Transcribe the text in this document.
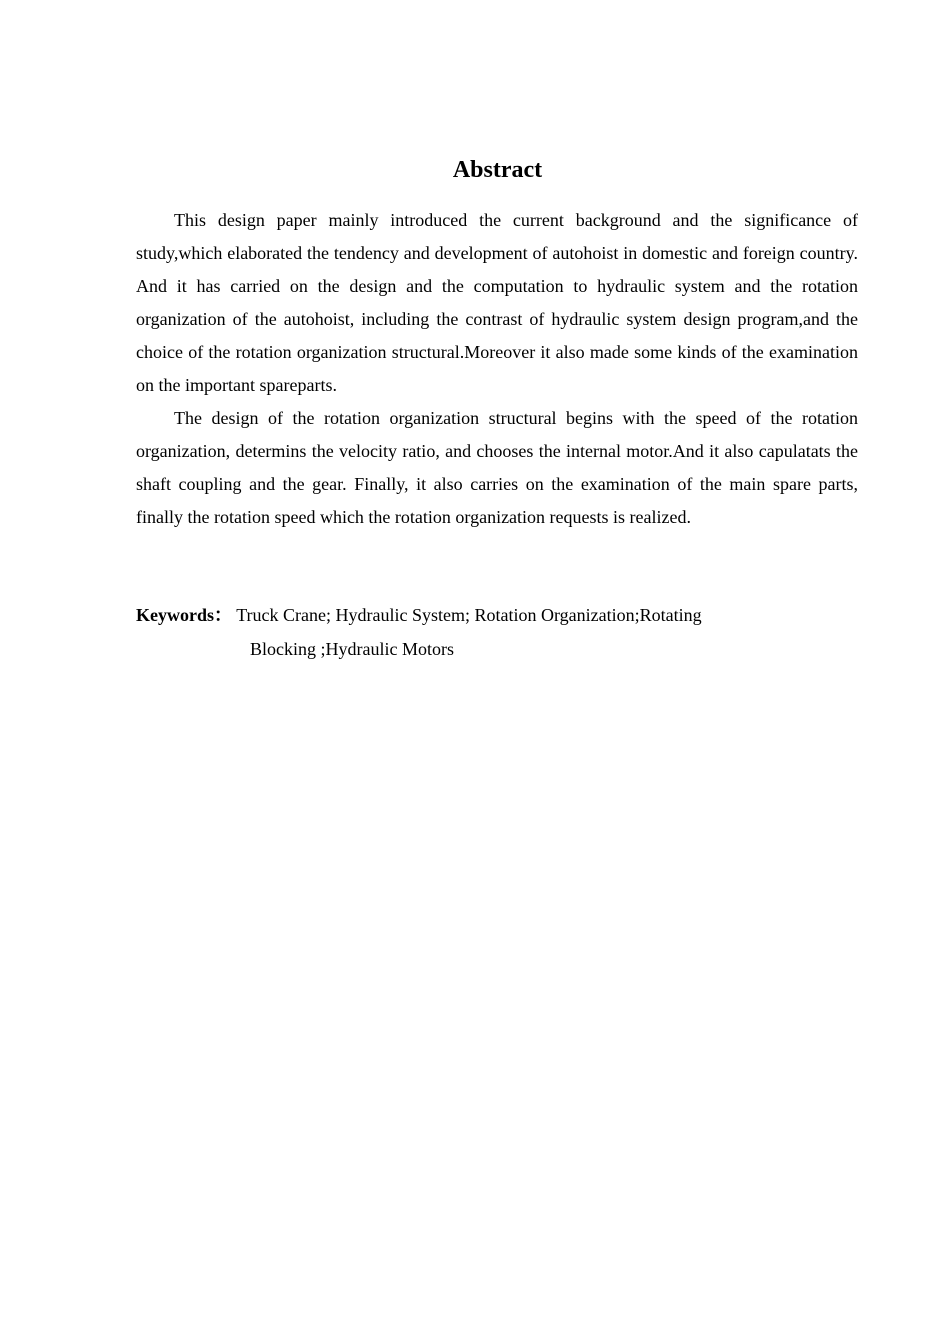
Abstract

This design paper mainly introduced the current background and the significance of study,which elaborated the tendency and development of autohoist in domestic and foreign country. And it has carried on the design and the computation to hydraulic system and the rotation organization of the autohoist, including the contrast of hydraulic system design program,and the choice of the rotation organization structural.Moreover it also made some kinds of the examination on the important spareparts.

The design of the rotation organization structural begins with the speed of the rotation organization, determins the velocity ratio, and chooses the internal motor.And it also capulatats the shaft coupling and the gear. Finally, it also carries on the examination of the main spare parts, finally the rotation speed which the rotation organization requests is realized.

Keywords： Truck Crane; Hydraulic System; Rotation Organization;Rotating
Blocking ;Hydraulic Motors
